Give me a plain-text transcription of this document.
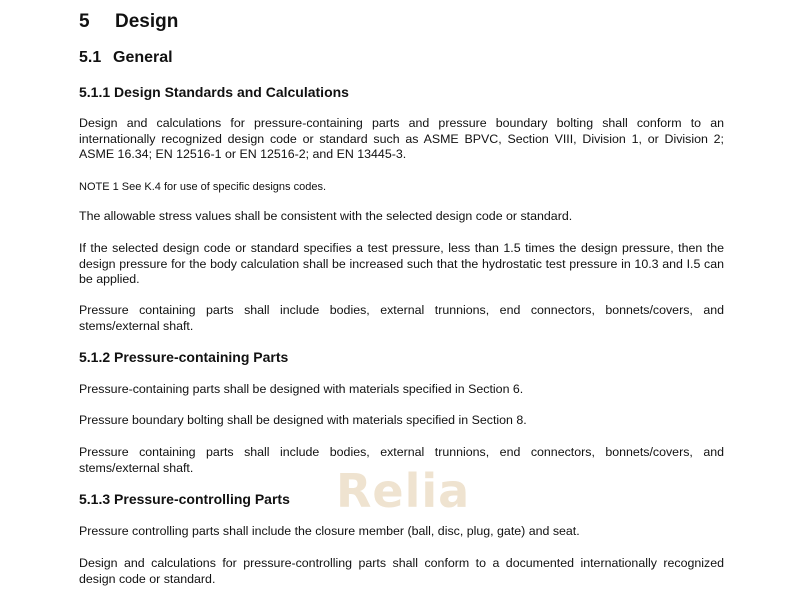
5 Design
5.1 General
5.1.1 Design Standards and Calculations

Design and calculations for pressure-containing parts and pressure boundary bolting shall conform to an internationally recognized design code or standard such as ASME BPVC, Section VIII, Division 1, or Division 2; ASME 16.34; EN 12516-1 or EN 12516-2; and EN 13445-3.

NOTE 1 See K.4 for use of specific designs codes.

The allowable stress values shall be consistent with the selected design code or standard.

If the selected design code or standard specifies a test pressure, less than 1.5 times the design pressure, then the design pressure for the body calculation shall be increased such that the hydrostatic test pressure in 10.3 and I.5 can be applied.

Pressure containing parts shall include bodies, external trunnions, end connectors, bonnets/covers, and stems/external shaft.

5.1.2 Pressure-containing Parts

Pressure-containing parts shall be designed with materials specified in Section 6.

Pressure boundary bolting shall be designed with materials specified in Section 8.

Pressure containing parts shall include bodies, external trunnions, end connectors, bonnets/covers, and stems/external shaft.

5.1.3 Pressure-controlling Parts

Pressure controlling parts shall include the closure member (ball, disc, plug, gate) and seat.

Design and calculations for pressure-controlling parts shall conform to a documented internationally recognized design code or standard.

Relia
